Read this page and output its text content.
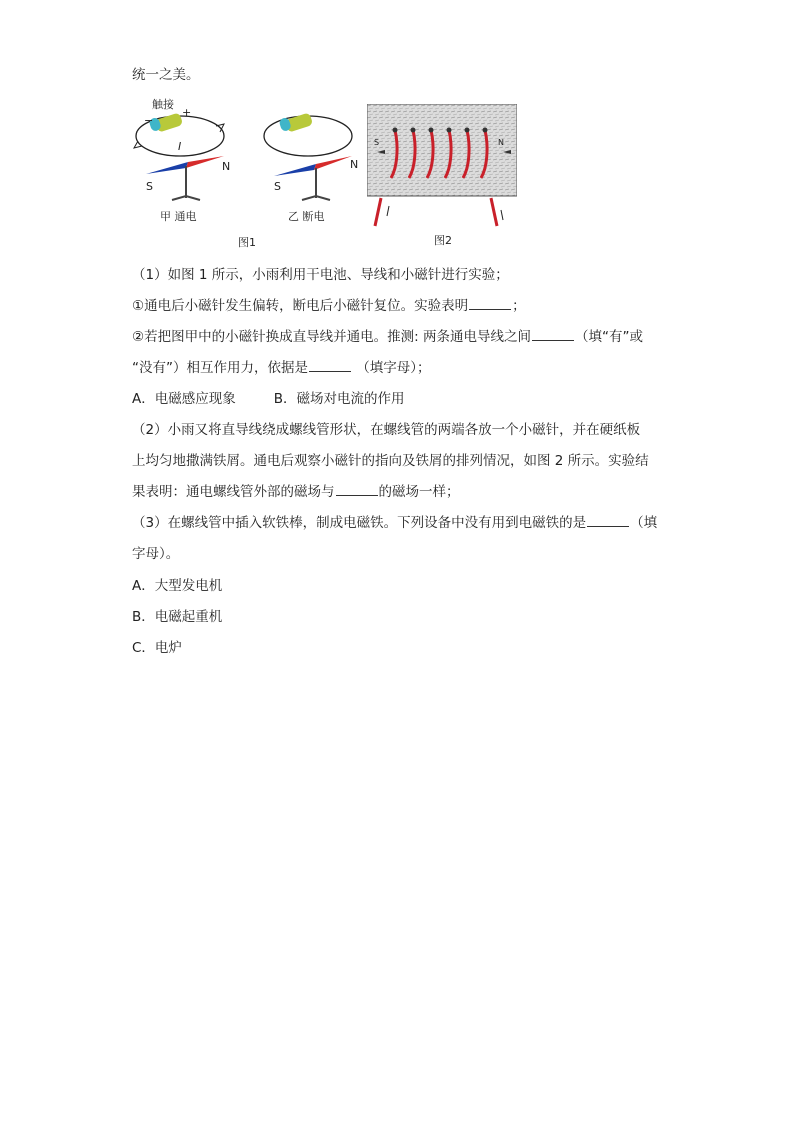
统一之美。
触接
−
+
I
N
S
甲 通电
N
S
乙 断电
图1
S	N
图2
（1）如图 1 所示，小雨利用干电池、导线和小磁针进行实验；
①通电后小磁针发生偏转，断电后小磁针复位。实验表明	；
②若把图甲中的小磁针换成直导线并通电。推测: 两条通电导线之间	（填“有”或
“没有”）相互作用力，依据是	（填字母）；
A．电磁感应现象	B．磁场对电流的作用
（2）小雨又将直导线绕成螺线管形状，在螺线管的两端各放一个小磁针，并在硬纸板
上均匀地撒满铁屑。通电后观察小磁针的指向及铁屑的排列情况，如图 2 所示。实验结
果表明：通电螺线管外部的磁场与	的磁场一样；
（3）在螺线管中插入软铁棒，制成电磁铁。下列设备中没有用到电磁铁的是	（填
字母）。
A．大型发电机
B．电磁起重机
C．电炉
